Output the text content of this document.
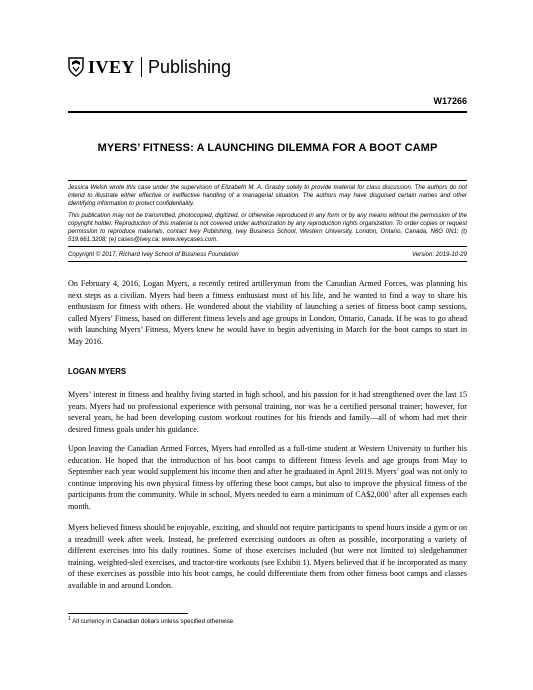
IVEY Publishing
W17266
MYERS’ FITNESS: A LAUNCHING DILEMMA FOR A BOOT CAMP
Jessica Welsh wrote this case under the supervision of Elizabeth M. A. Grasby solely to provide material for class discussion. The authors do not intend to illustrate either effective or ineffective handling of a managerial situation. The authors may have disguised certain names and other identifying information to protect confidentiality.
This publication may not be transmitted, photocopied, digitized, or otherwise reproduced in any form or by any means without the permission of the copyright holder. Reproduction of this material is not covered under authorization by any reproduction rights organization. To order copies or request permission to reproduce materials, contact Ivey Publishing, Ivey Business School, Western University, London, Ontario, Canada, N6G 0N1; (t) 519.661.3208; (e) cases@ivey.ca; www.iveycases.com.
Copyright © 2017, Richard Ivey School of Business Foundation	Version: 2019-10-29
On February 4, 2016, Logan Myers, a recently retired artilleryman from the Canadian Armed Forces, was planning his next steps as a civilian. Myers had been a fitness enthusiast most of his life, and he wanted to find a way to share his enthusiasm for fitness with others. He wondered about the viability of launching a series of fitness boot camp sessions, called Myers’ Fitness, based on different fitness levels and age groups in London, Ontario, Canada. If he was to go ahead with launching Myers’ Fitness, Myers knew he would have to begin advertising in March for the boot camps to start in May 2016.
LOGAN MYERS
Myers’ interest in fitness and healthy living started in high school, and his passion for it had strengthened over the last 15 years. Myers had no professional experience with personal training, nor was he a certified personal trainer; however, for several years, he had been developing custom workout routines for his friends and family—all of whom had met their desired fitness goals under his guidance.
Upon leaving the Canadian Armed Forces, Myers had enrolled as a full-time student at Western University to further his education. He hoped that the introduction of his boot camps to different fitness levels and age groups from May to September each year would supplement his income then and after he graduated in April 2019. Myers’ goal was not only to continue improving his own physical fitness by offering these boot camps, but also to improve the physical fitness of the participants from the community. While in school, Myers needed to earn a minimum of CA$2,000$^1$ after all expenses each month.
Myers believed fitness should be enjoyable, exciting, and should not require participants to spend hours inside a gym or on a treadmill week after week. Instead, he preferred exercising outdoors as often as possible, incorporating a variety of different exercises into his daily routines. Some of those exercises included (but were not limited to) sledgehammer training, weighted-sled exercises, and tractor-tire workouts (see Exhibit 1). Myers believed that if he incorporated as many of these exercises as possible into his boot camps, he could differentiate them from other fitness boot camps and classes available in and around London.
$^1$ All currency in Canadian dollars unless specified otherwise.
